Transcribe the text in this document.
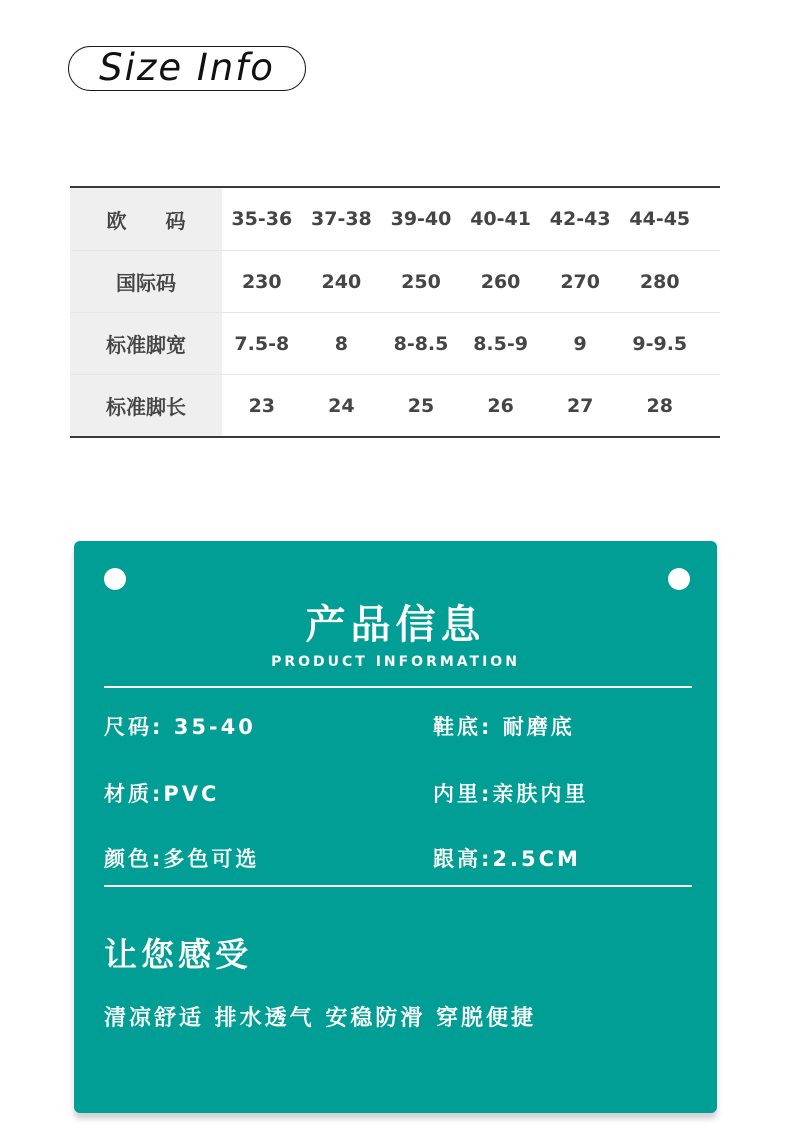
Size Info
欧 码	35-36 37-38 39-40 40-41 42-43 44-45
国际码	230	240	250	260	270	280
标准脚宽	7.5-8	8	8-8.5	8.5-9	9	9-9.5
标准脚长	23	24	25	26	27	28
产品信息
PRODUCT INFORMATION
尺码: 35-40	鞋底: 耐磨底
材质:PVC	内里:亲肤内里
颜色:多色可选	跟高:2.5CM
让您感受
清凉舒适 排水透气 安稳防滑 穿脱便捷
